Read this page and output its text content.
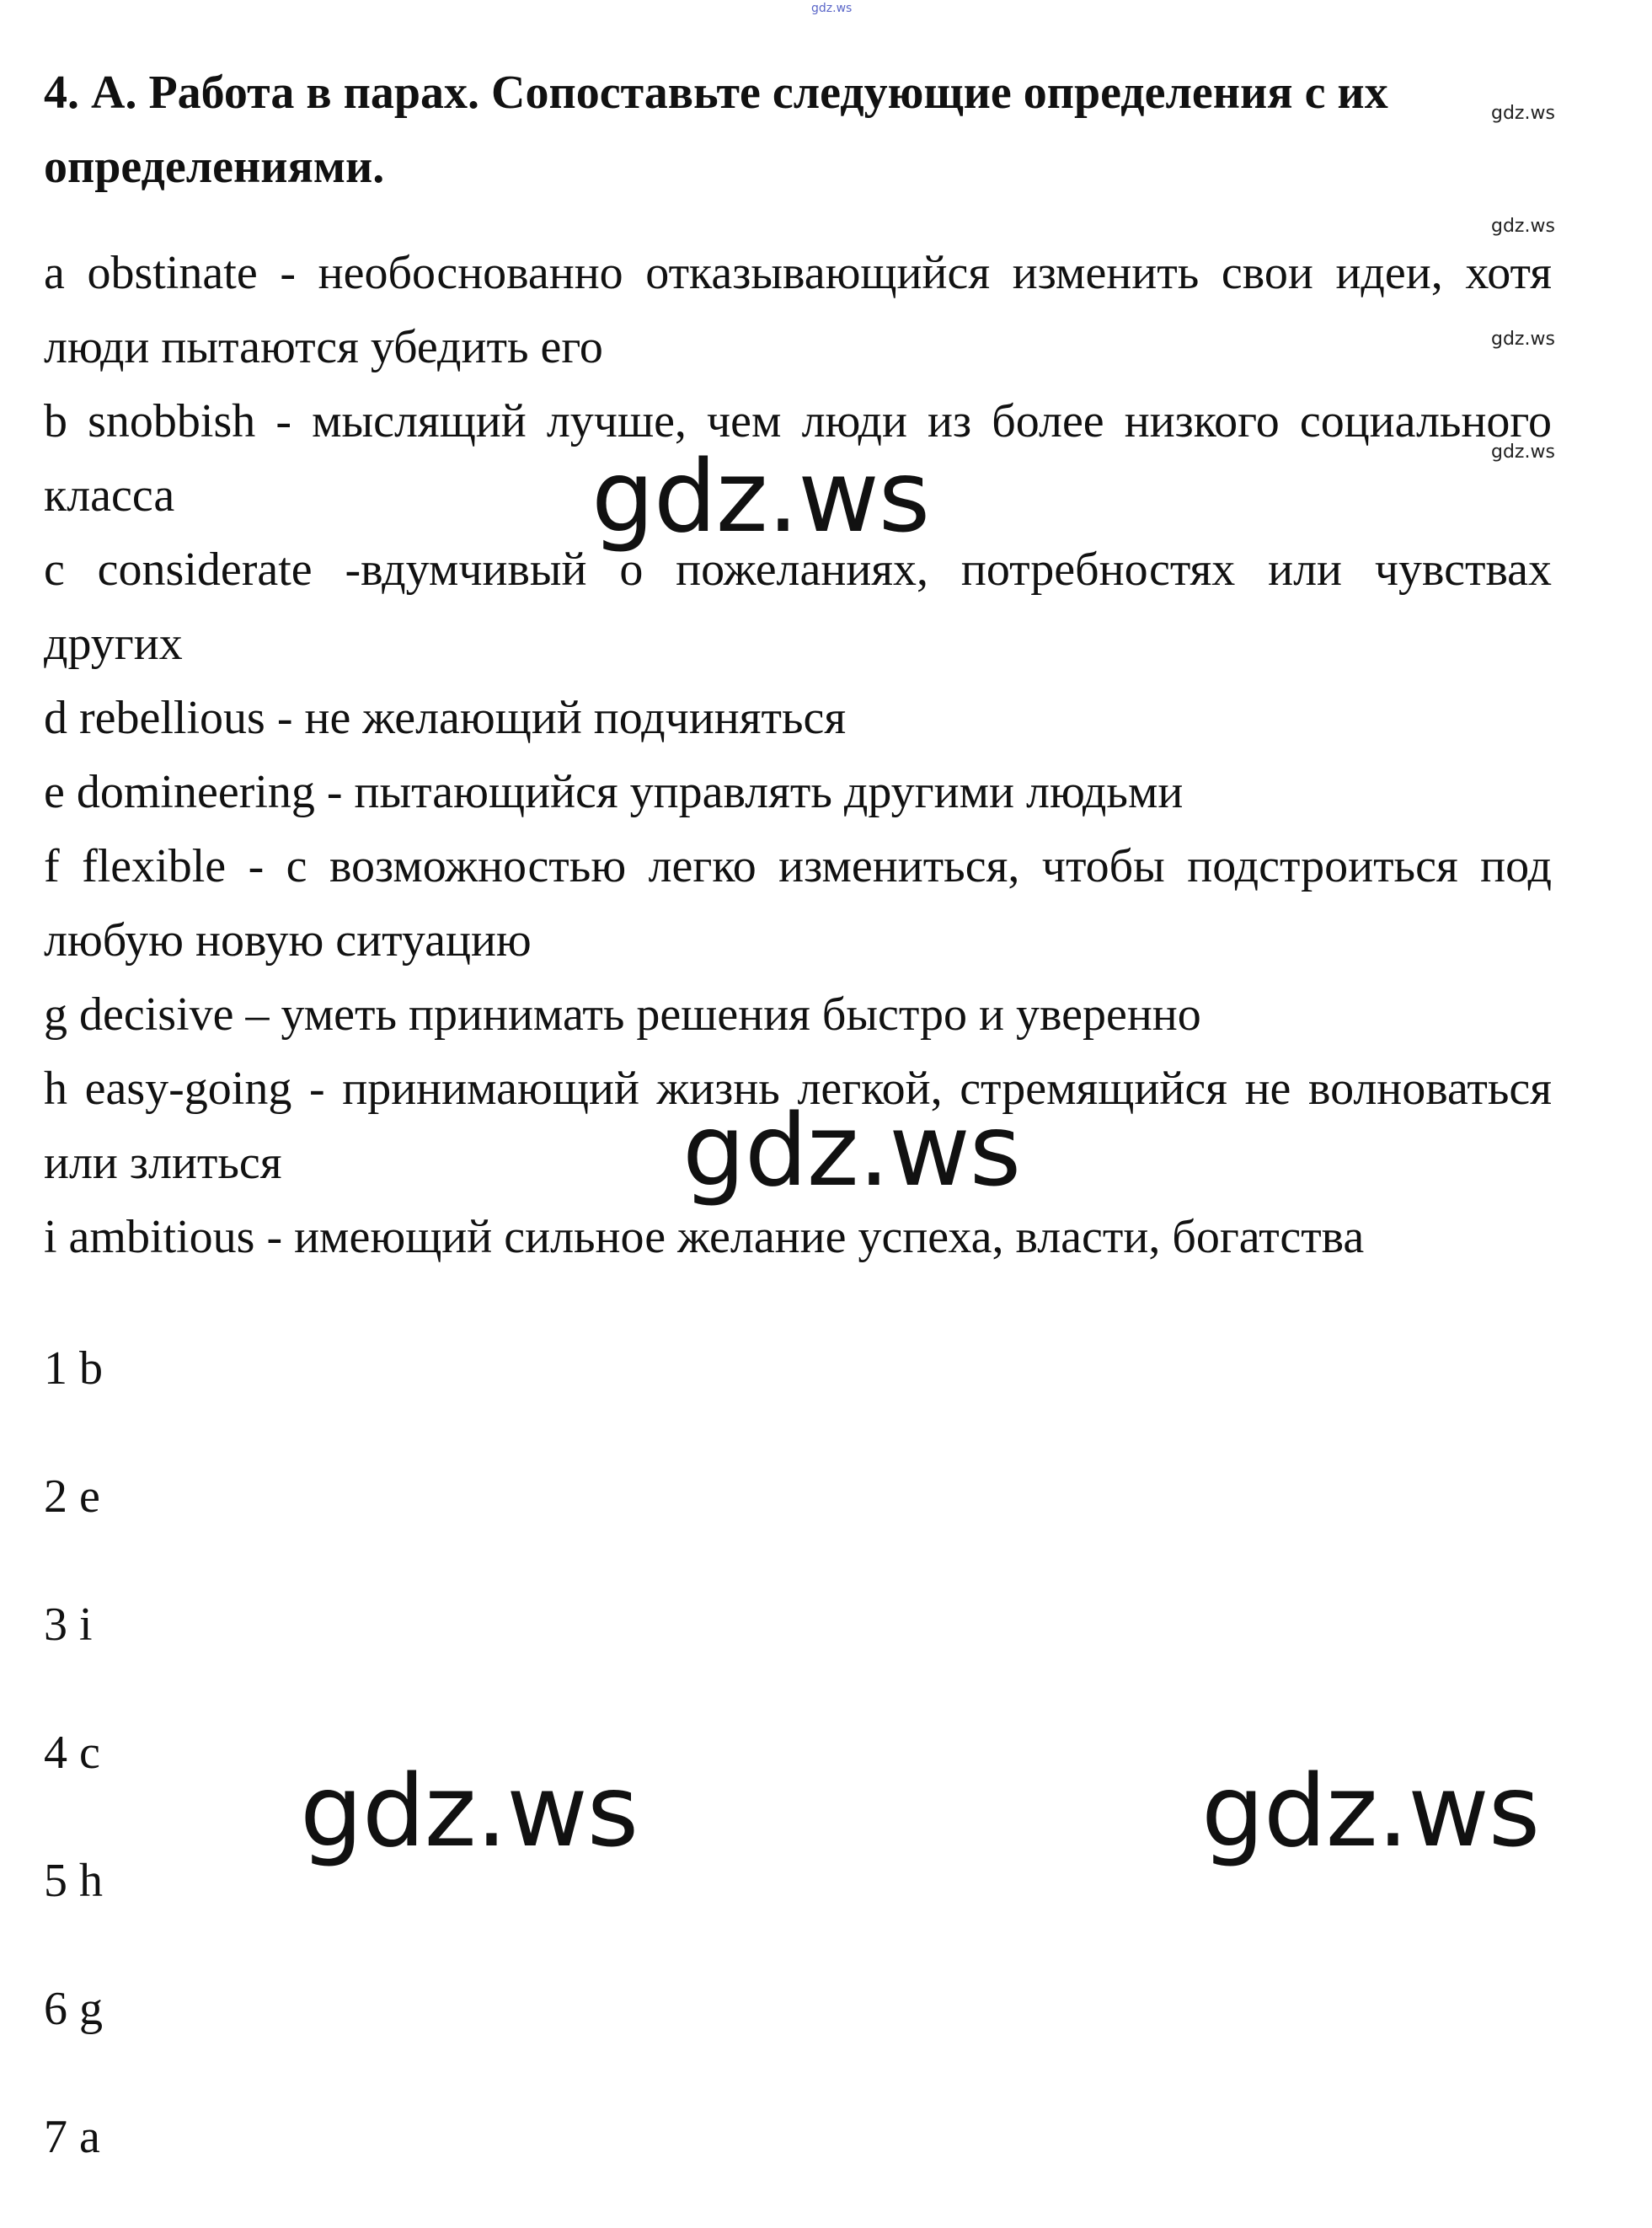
gdz.ws
4. А. Работа в парах. Сопоставьте следующие определения с их определениями.
gdz.ws
gdz.ws
gdz.ws
gdz.ws

a obstinate - необоснованно отказывающийся изменить свои идеи, хотя люди пытаются убедить его

b snobbish - мыслящий лучше, чем люди из более низкого социального класса

c considerate -вдумчивый о пожеланиях, потребностях или чувствах других

d rebellious - не желающий подчиняться

e domineering - пытающийся управлять другими людьми

f flexible - с возможностью легко измениться, чтобы подстроиться под любую новую ситуацию

g decisive – уметь принимать решения быстро и уверенно

h easy-going - принимающий жизнь легкой, стремящийся не волноваться или злиться

i ambitious - имеющий сильное желание успеха, власти, богатства

1 b
2 e
3 i
4 c
5 h
6 g
7 a
gdz.ws
gdz.ws
gdz.ws	gdz.ws
